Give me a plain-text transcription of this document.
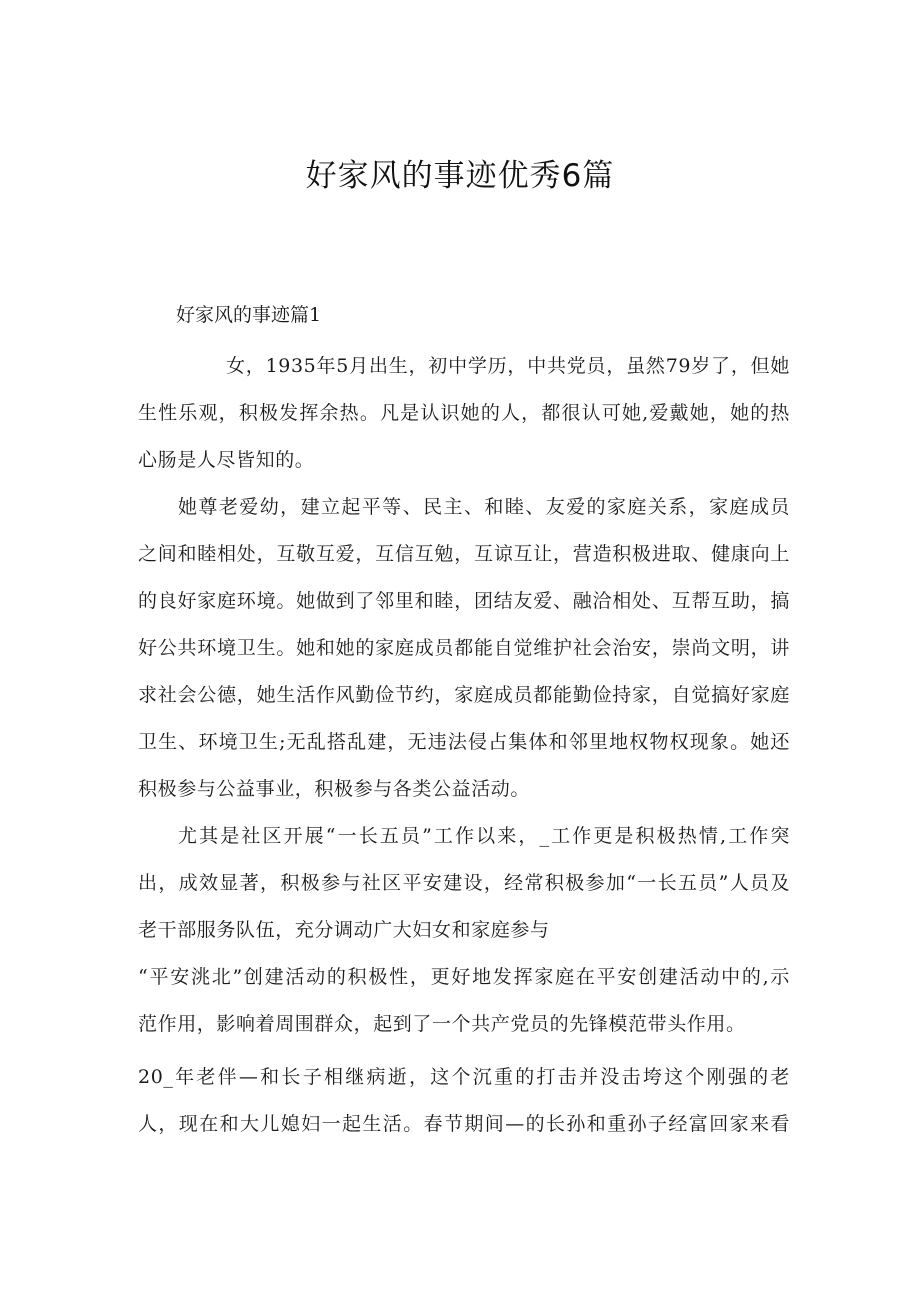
好家风的事迹优秀6篇
好家风的事迹篇1
女，1935年5月出生，初中学历，中共党员，虽然79岁了，但她
生性乐观，积极发挥余热。凡是认识她的人，都很认可她,爱戴她，她的热
心肠是人尽皆知的。
她尊老爱幼，建立起平等、民主、和睦、友爱的家庭关系，家庭成员
之间和睦相处，互敬互爱，互信互勉，互谅互让，营造积极进取、健康向上
的良好家庭环境。她做到了邻里和睦，团结友爱、融洽相处、互帮互助，搞
好公共环境卫生。她和她的家庭成员都能自觉维护社会治安，崇尚文明，讲
求社会公德，她生活作风勤俭节约，家庭成员都能勤俭持家，自觉搞好家庭
卫生、环境卫生;无乱搭乱建，无违法侵占集体和邻里地权物权现象。她还
积极参与公益事业，积极参与各类公益活动。
尤其是社区开展“一长五员”工作以来，_工作更是积极热情,工作突
出，成效显著，积极参与社区平安建设，经常积极参加“一长五员”人员及
老干部服务队伍，充分调动广大妇女和家庭参与
“平安洮北”创建活动的积极性，更好地发挥家庭在平安创建活动中的,示
范作用，影响着周围群众，起到了一个共产党员的先锋模范带头作用。
20_年老伴—和长子相继病逝，这个沉重的打击并没击垮这个刚强的老
人，现在和大儿媳妇一起生活。春节期间—的长孙和重孙子经富回家来看
